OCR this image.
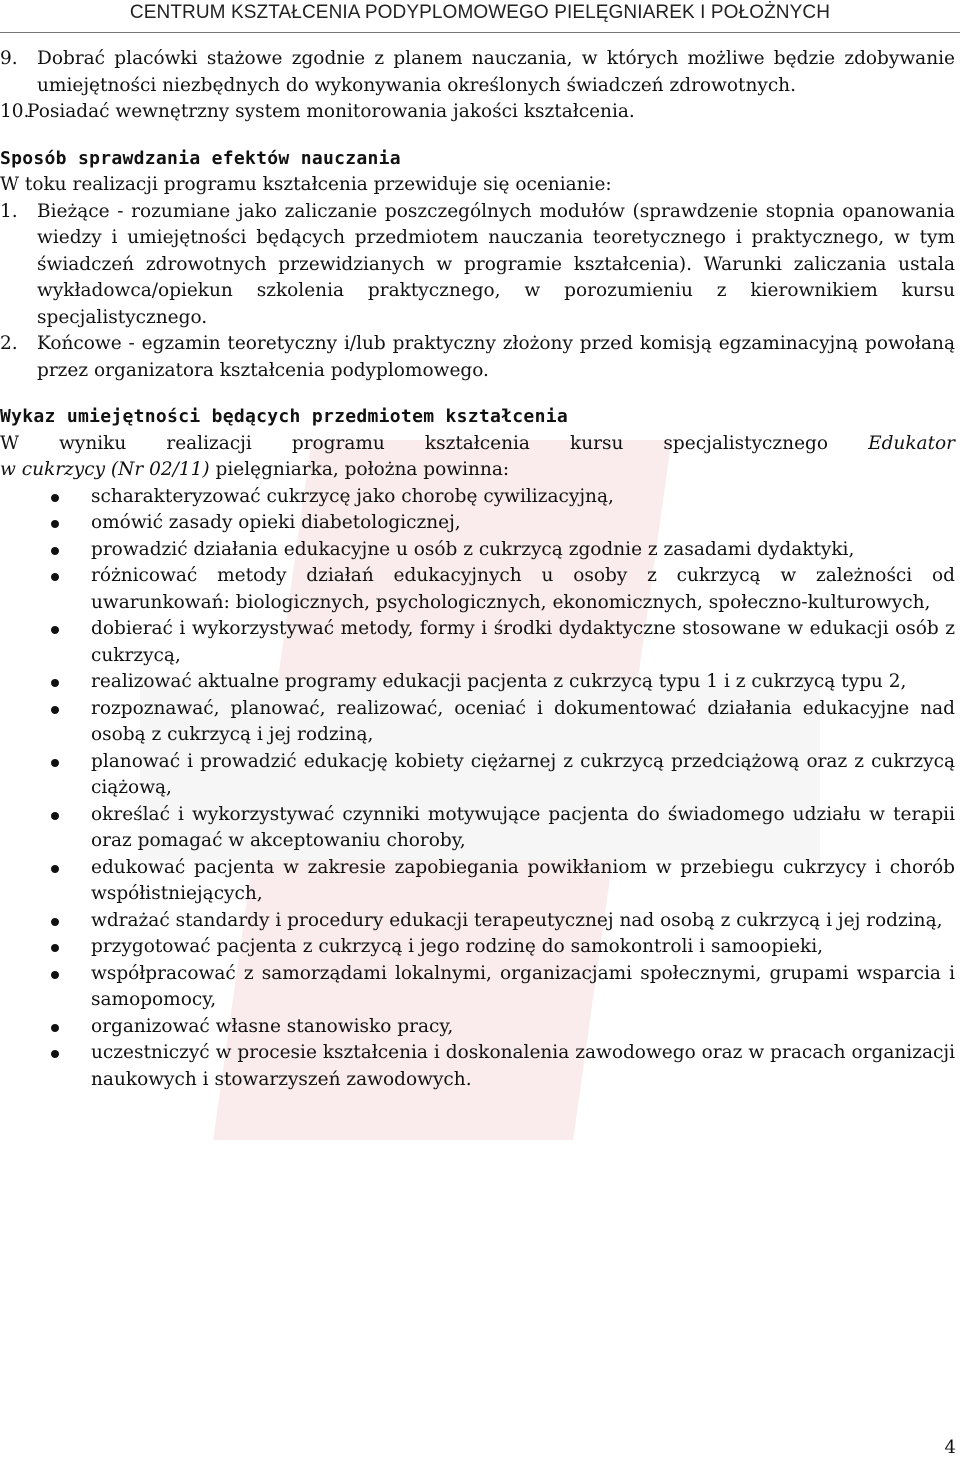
CENTRUM KSZTAŁCENIA PODYPLOMOWEGO PIELĘGNIAREK I POŁOŻNYCH
9. Dobrać placówki stażowe zgodnie z planem nauczania, w których możliwe będzie zdobywanie umiejętności niezbędnych do wykonywania określonych świadczeń zdrowotnych.
10.
Posiadać wewnętrzny system monitorowania jakości kształcenia.
Sposób sprawdzania efektów nauczania
W toku realizacji programu kształcenia przewiduje się ocenianie:
1. Bieżące - rozumiane jako zaliczanie poszczególnych modułów (sprawdzenie stopnia opanowania wiedzy i umiejętności będących przedmiotem nauczania teoretycznego i praktycznego, w tym świadczeń zdrowotnych przewidzianych w programie kształcenia). Warunki zaliczania ustala wykładowca/opiekun szkolenia praktycznego, w porozumieniu z kierownikiem kursu specjalistycznego.
2. Końcowe - egzamin teoretyczny i/lub praktyczny złożony przed komisją egzaminacyjną powołaną przez organizatora kształcenia podyplomowego.
Wykaz umiejętności będących przedmiotem kształcenia
W wyniku realizacji programu kształcenia kursu specjalistycznego Edukator
w cukrzycy (Nr 02/11) pielęgniarka, położna powinna:
scharakteryzować cukrzycę jako chorobę cywilizacyjną,
omówić zasady opieki diabetologicznej,
prowadzić działania edukacyjne u osób z cukrzycą zgodnie z zasadami dydaktyki,
różnicować metody działań edukacyjnych u osoby z cukrzycą w zależności od uwarunkowań: biologicznych, psychologicznych, ekonomicznych, społeczno-kulturowych,
dobierać i wykorzystywać metody, formy i środki dydaktyczne stosowane w edukacji osób z cukrzycą,
realizować aktualne programy edukacji pacjenta z cukrzycą typu 1 i z cukrzycą typu 2,
rozpoznawać, planować, realizować, oceniać i dokumentować działania edukacyjne nad osobą z cukrzycą i jej rodziną,
planować i prowadzić edukację kobiety ciężarnej z cukrzycą przedciążową oraz z cukrzycą ciążową,
określać i wykorzystywać czynniki motywujące pacjenta do świadomego udziału w terapii oraz pomagać w akceptowaniu choroby,
edukować pacjenta w zakresie zapobiegania powikłaniom w przebiegu cukrzycy i chorób współistniejących,
wdrażać standardy i procedury edukacji terapeutycznej nad osobą z cukrzycą i jej rodziną,
przygotować pacjenta z cukrzycą i jego rodzinę do samokontroli i samoopieki,
współpracować z samorządami lokalnymi, organizacjami społecznymi, grupami wsparcia i samopomocy,
organizować własne stanowisko pracy,
uczestniczyć w procesie kształcenia i doskonalenia zawodowego oraz w pracach organizacji naukowych i stowarzyszeń zawodowych.
4
